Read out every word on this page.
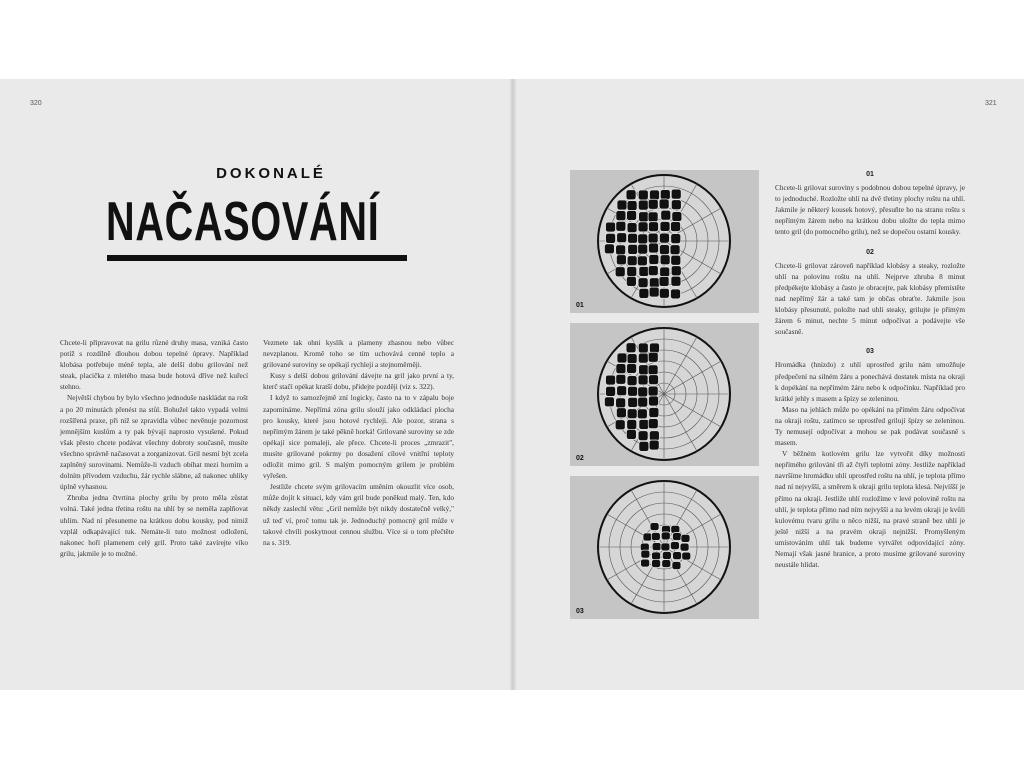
320	321
DOKONALÉ
NAČASOVÁNÍ

Chcete-li připravovat na grilu různé druhy masa, vzniká často potíž s rozdílně dlouhou dobou tepelné úpravy. Například klobása potřebuje méně tepla, ale delší dobu grilování než steak, placička z mletého masa bude hotová dříve než kuřecí stehno.

Největší chybou by bylo všechno jednoduše naskládat na rošt a po 20 minutách přenést na stůl. Bohužel takto vypadá velmi rozšířená praxe, při níž se zpravidla vůbec nevěnuje pozornost jemnějším kuslům a ty pak bývají naprosto vysušené. Pokud však přesto chcete podávat všechny dobroty současně, musíte všechno správně načasovat a zorganizovat. Gril nesmí být zcela zaplněný surovinami. Nemůže-li vzduch obíhat mezi horním a dolním přívodem vzduchu, žár rychle slábne, až nakonec uhlíky úplně vyhasnou.

Zhruba jedna čtvrtina plochy grilu by proto měla zůstat volná. Také jedna třetina roštu na uhlí by se neměla zaplňovat uhlím. Nad ní přesuneme na krátkou dobu kousky, pod nimiž vzplál odkapávající tuk. Nemáte-li tuto možnost odložení, nakonec hoří plamenem celý gril. Proto také zavírejte víko grilu, jakmile je to možné.

Vezmete tak ohni kyslík a plameny zhasnou nebo vůbec nevzplanou. Kromě toho se tím uchovává cenné teplo a grilované suroviny se opékají rychleji a stejnoměrněji.

Kusy s delší dobou grilování dávejte na gril jako první a ty, kterč stačí opékat kratší dobu, přidejte později (viz s. 322).

I když to samozřejmě zní logicky, často na to v zápalu boje zapomínáme. Nepřímá zóna grilu slouží jako odkládací plocha pro kousky, které jsou hotové rychleji. Ale pozor, strana s nepřímým žárem je také pěkně horká! Grilované suroviny se zde opékají sice pomaleji, ale přece. Chcete-li proces „zmrazit", musíte grilované pokrmy po dosažení cílové vnitřní teploty odložit mimo gril. S malým pomocným grilem je problém vyřešen.

Jestliže chcete svým grilovacím uměním okouzlit více osob, může dojít k situaci, kdy vám gril bude poněkud malý. Ten, kdo někdy zaslechl větu: „Gril nemůže být nikdy dostatečně velký," už teď ví, proč tomu tak je. Jednoduchý pomocný gril může v takové chvíli poskytnout cennou službu. Více si o tom přečtěte na s. 319.

01
02
03

01

Chcete-li grilovat suroviny s podobnou dobou tepelné úpravy, je to jednoduché. Rozložte uhlí na dvě třetiny plochy roštu na uhlí. Jakmile je některý kousek hotový, přesuňte ho na stranu roštu s nepřímým žárem nebo na krátkou dobu uložte do tepla mimo tento gril (do pomocného grilu), než se dopečou ostatní kousky.

02

Chcete-li grilovat zároveň například klobásy a steaky, rozložte uhlí na polovinu roštu na uhlí. Nejprve zhruba 8 minut předpékejte klobásy a často je obracejte, pak klobásy přemístěte nad nepřímý žár a také tam je občas obraťte. Jakmile jsou klobásy přesunuté, položte nad uhlí steaky, grilujte je přímým žárem 6 minut, nechte 5 minut odpočívat a podávejte vše současně.

03

Hromádka (hnízdo) z uhlí uprostřed grilu nám umožňuje předpečení na silném žáru a ponechává dostatek místa na okraji k dopékání na nepřímém žáru nebo k odpočinku. Například pro krátké jehly s masem a špízy se zeleninou.

Maso na jehlách může po opékání na přímém žáru odpočívat na okraji roštu, zatímco se uprostřed grilují špízy se zeleninou. Ty nemusejí odpočívat a mohou se pak podávat současně s masem.

V běžném kotlovém grilu lze vytvořit díky možnosti nepřímého grilování tři až čtyři teplotní zóny. Jestliže například navršíme hromádku uhlí uprostřed roštu na uhlí, je teplota přímo nad ní nejvyšší, a směrem k okraji grilu teplota klesá. Nejvíšší je přímo na okraji. Jestliže uhlí rozložíme v levé polovině roštu na uhlí, je teplota přímo nad ním nejvyšší a na levém okraji je kvůli kulovému tvaru grilu o něco nižší, na pravé straně bez uhlí je ještě nižší a na pravém okraji nejnižší. Promyšleným umístováním uhlí tak budeme vytvářet odpovídající zóny. Nemají však jasné hranice, a proto musíme grilované suroviny neustále hlídat.
